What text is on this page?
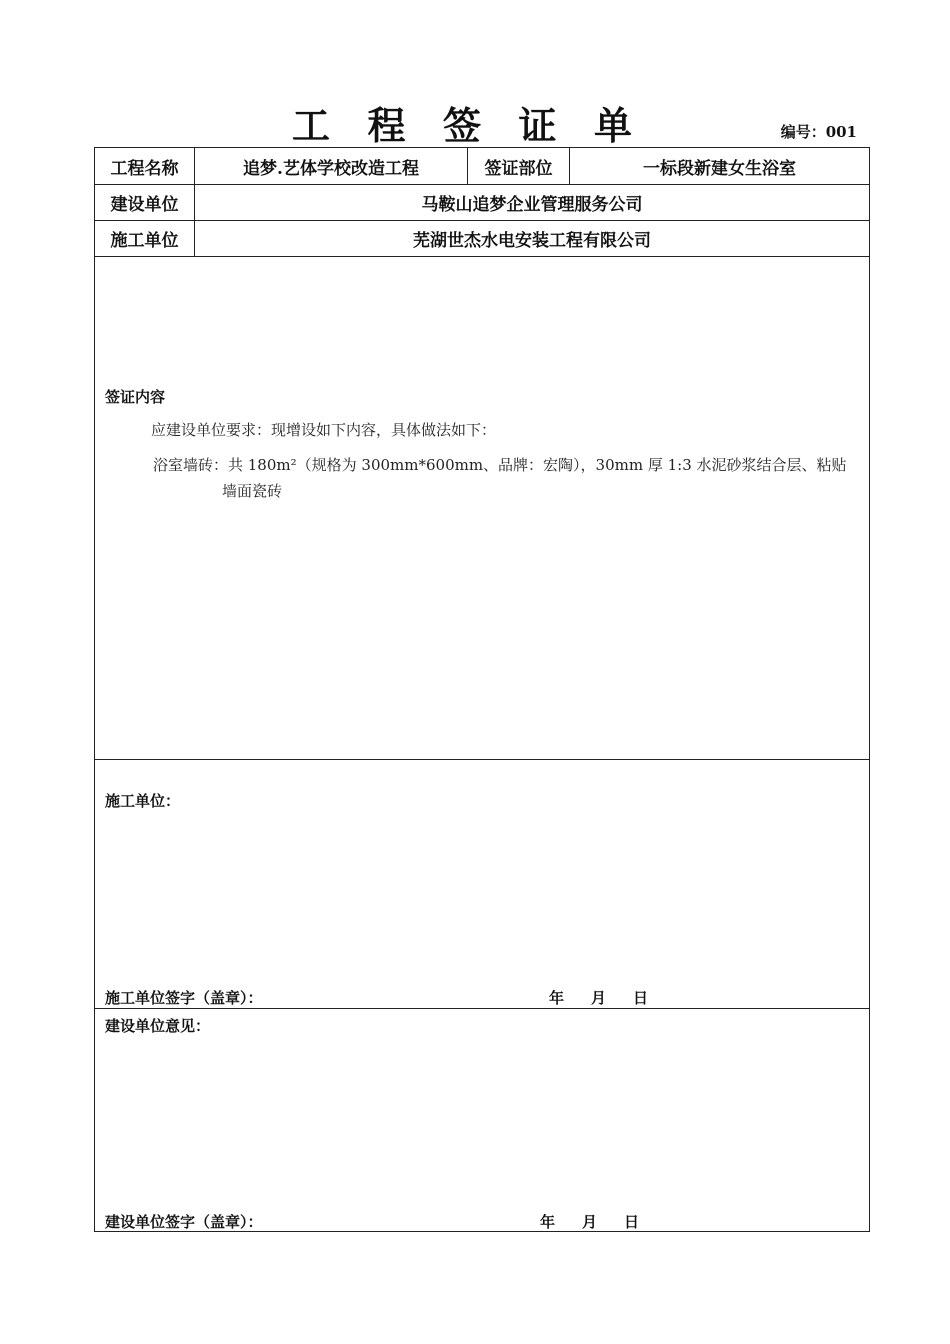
工 程 签 证 单	编号：001
工程名称	追梦.艺体学校改造工程	签证部位	一标段新建女生浴室
建设单位	马鞍山追梦企业管理服务公司
施工单位	芜湖世杰水电安装工程有限公司
签证内容
应建设单位要求：现增设如下内容，具体做法如下：
浴室墙砖：共 180m²（规格为 300mm*600mm、品牌：宏陶），30mm 厚 1:3 水泥砂浆结合层、粘贴
墙面瓷砖
施工单位：
施工单位签字（盖章）：	年 月 日
建设单位意见：
建设单位签字（盖章）：	年 月 日
